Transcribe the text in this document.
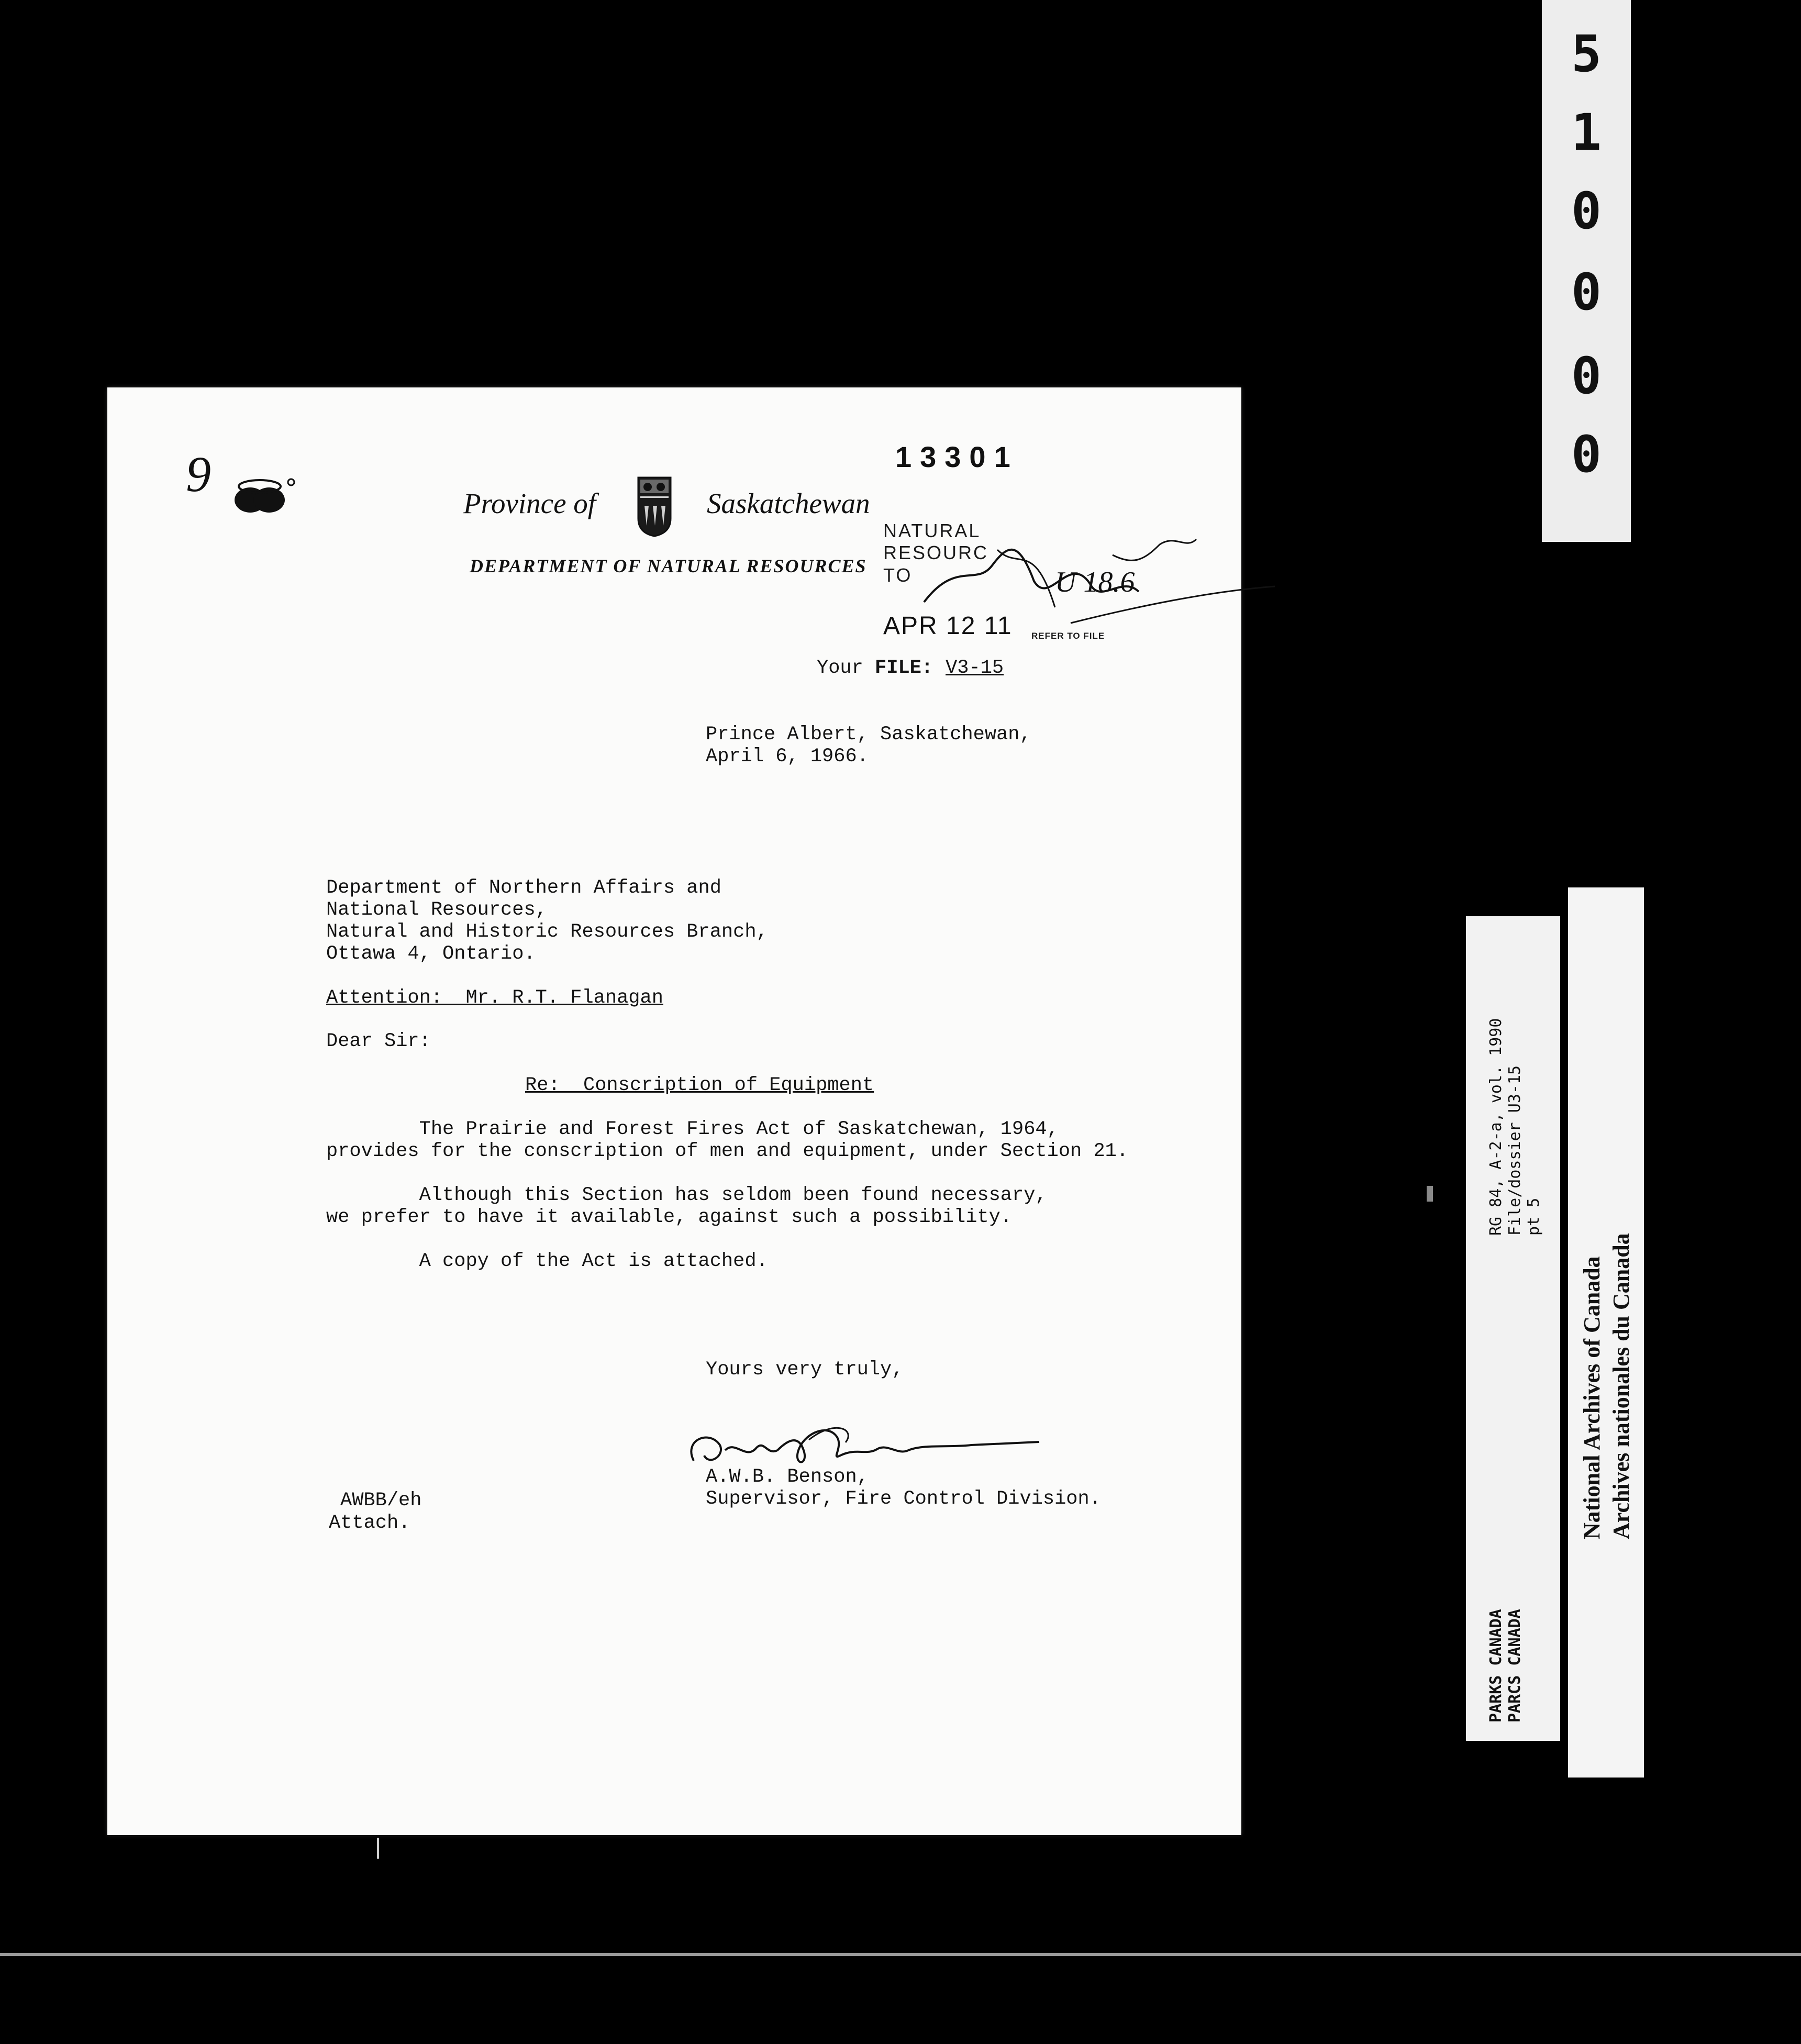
5
1
0
0
0
0
9	13301
Province of	Saskatchewan
DEPARTMENT OF NATURAL RESOURCES
NATURAL
RESOURC
TO	U 18.6
APR 12 11 REFER TO FILE
Your FILE: V3-15
Prince Albert, Saskatchewan,
April 6, 1966.
Department of Northern Affairs and
National Resources,
Natural and Historic Resources Branch,
Ottawa 4, Ontario.
Attention:  Mr. R.T. Flanagan
Dear Sir:
Re:  Conscription of Equipment
The Prairie and Forest Fires Act of Saskatchewan, 1964,
provides for the conscription of men and equipment, under Section 21.
Although this Section has seldom been found necessary,
we prefer to have it available, against such a possibility.
A copy of the Act is attached.
Yours very truly,
A.W.B. Benson,
Supervisor, Fire Control Division.
AWBB/eh
Attach.
PARKS CANADA PARCS CANADA
RG 84, A-2-a, vol. 1990 File/dossier U3-15 pt 5
National Archives of Canada Archives nationales du Canada
